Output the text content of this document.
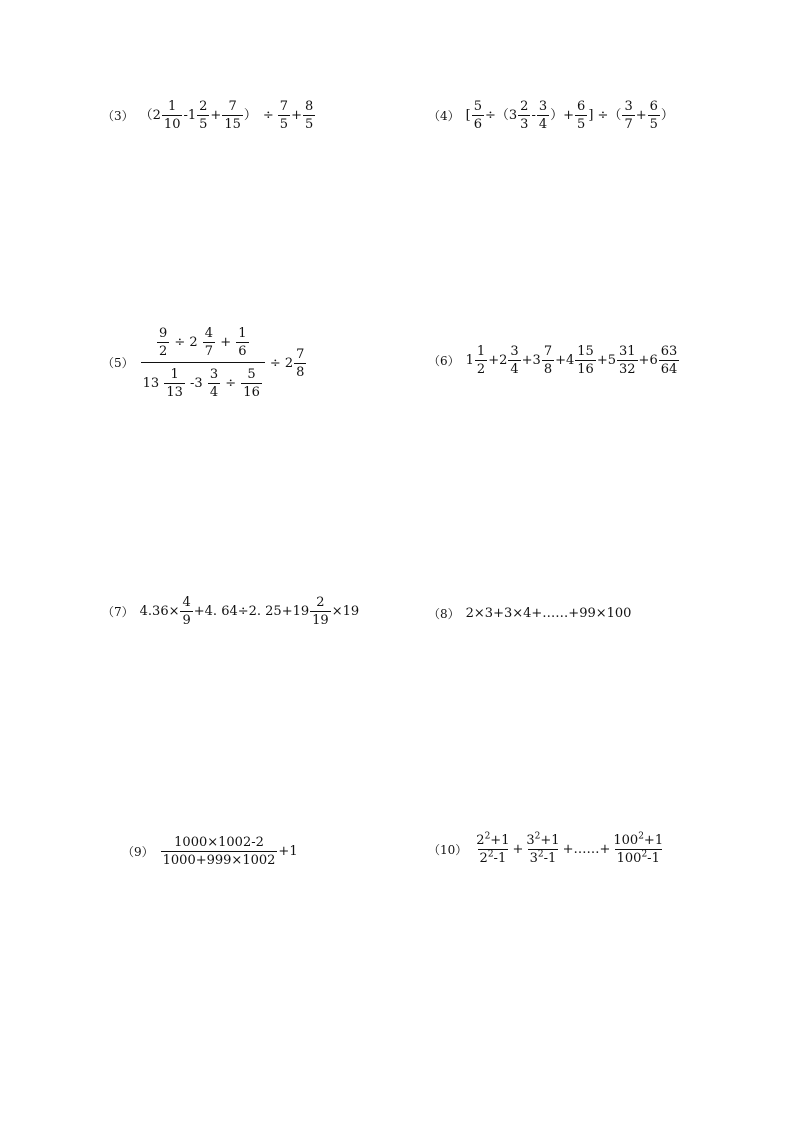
（3） （$2 \frac{1}{10} -1 \frac{2}{5} + \frac{7}{15}$ ） ÷ $\frac{7}{5} + \frac{8}{5}$	（4） [ $\frac{5}{6} \div(3 \frac{2}{3} - \frac{3}{4}$ ）+ $\frac{6}{5}$ ] ÷（ $\frac{3}{7} + \frac{6}{5}$ ）
$(5) \frac{\frac{9}{2} \div 2 \frac{4}{7} + \frac{1}{6}}{13 \frac{1}{13} -3 \frac{3}{4} \div \frac{5}{16}} \div 2 \frac{7}{8}$	（6） $1 \frac{1}{2} +2 \frac{3}{4} +3 \frac{7}{8} +4 \frac{15}{16} +5 \frac{31}{32} +6 \frac{63}{64}$
（7） $4.36\times \frac{4}{9} +4$. 64÷2. $25+19 \frac{2}{19} \times 19$	（8） 2×3+3×4+……+99×100
$(9) \frac{1000\times 1002-2}{1000+999\times 1002} +1$	$(10) \frac{2^2+1}{2^2-1} + \frac{3^2+1}{3^2-1}$ +……+ $\frac{100^2+1}{100^2-1}$
